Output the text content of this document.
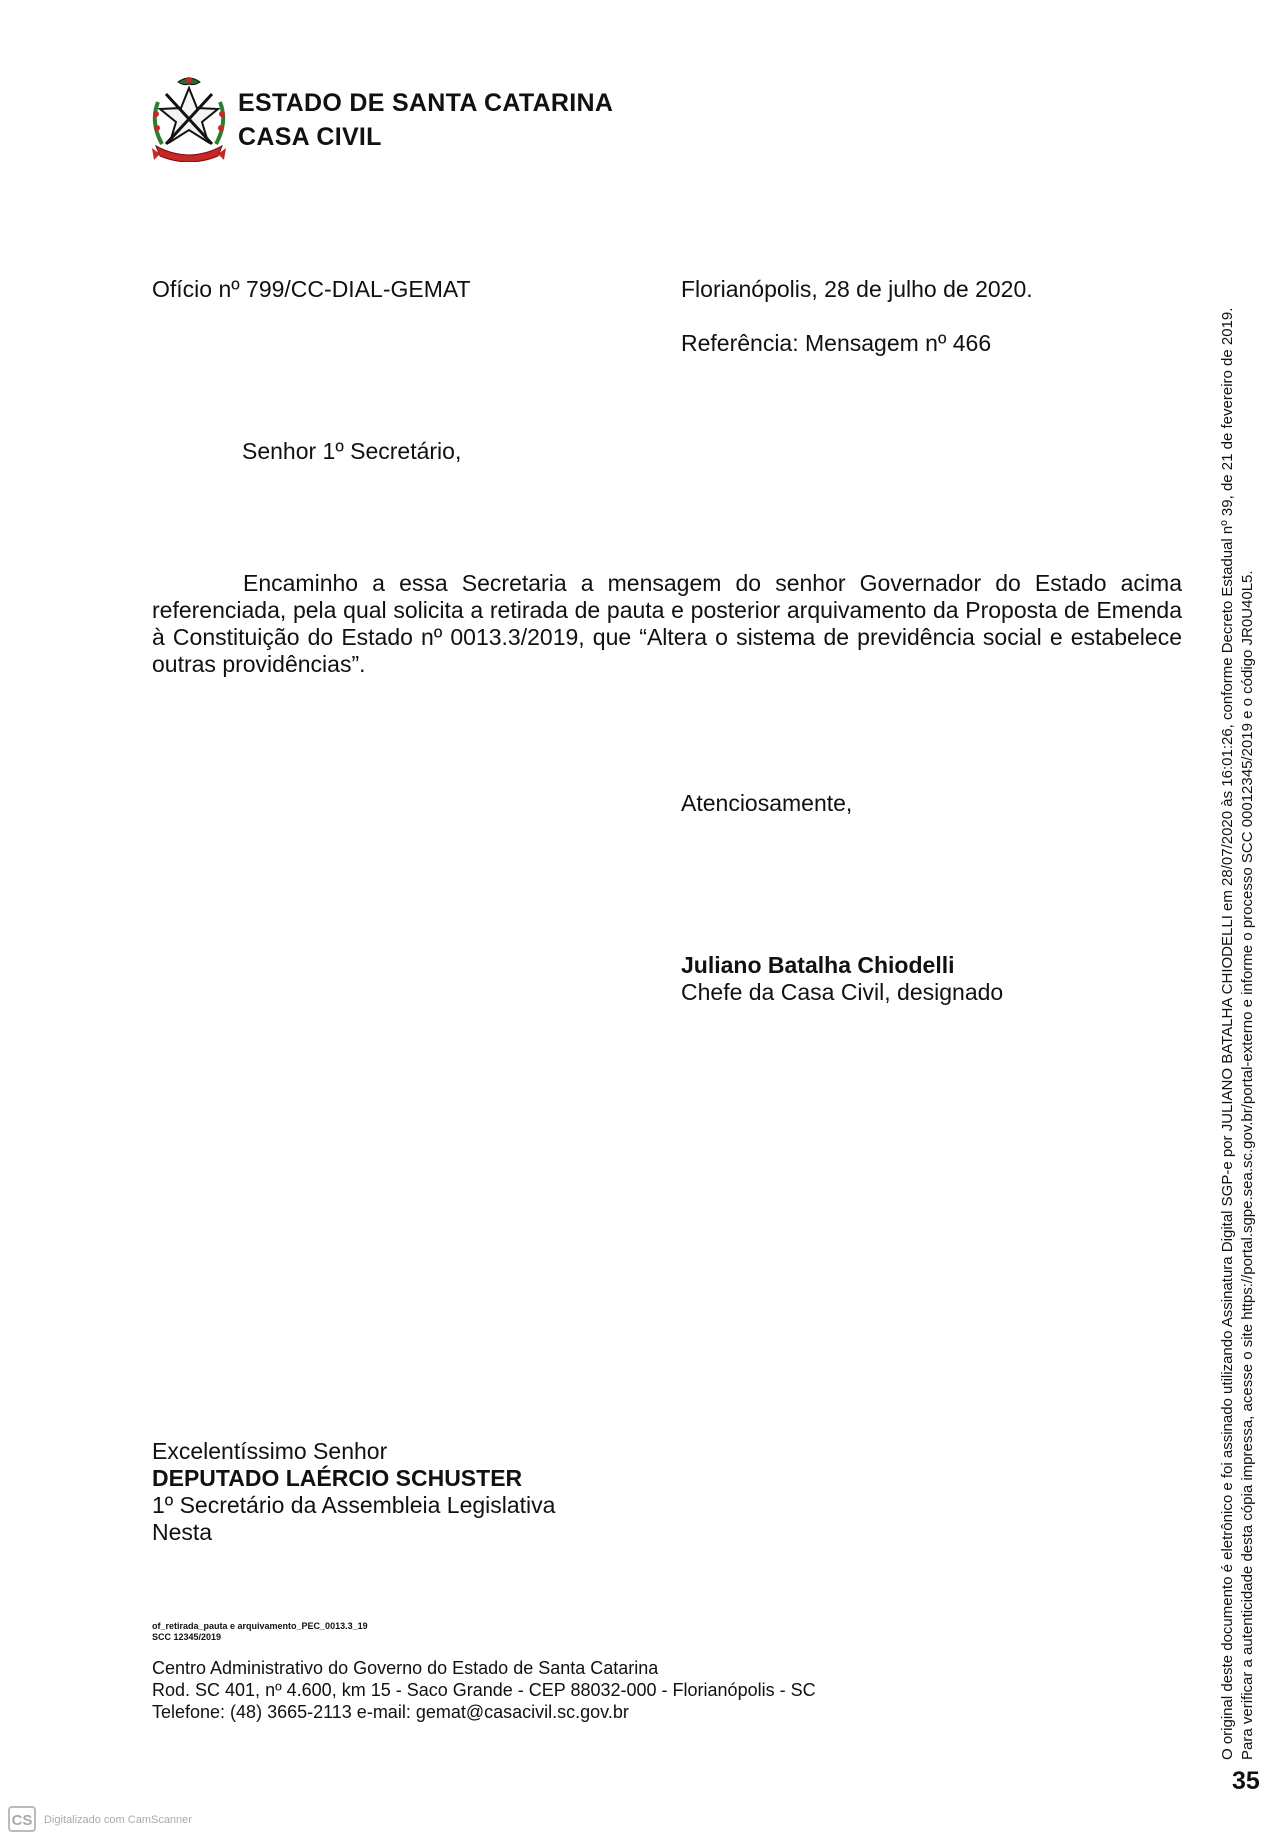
ESTADO DE SANTA CATARINA
CASA CIVIL
Ofício nº 799/CC-DIAL-GEMAT	Florianópolis, 28 de julho de 2020.
Referência: Mensagem nº 466
Senhor 1º Secretário,
Encaminho a essa Secretaria a mensagem do senhor Governador do Estado acima referenciada, pela qual solicita a retirada de pauta e posterior arquivamento da Proposta de Emenda à Constituição do Estado nº 0013.3/2019, que “Altera o sistema de previdência social e estabelece outras providências”.
Atenciosamente,
Juliano Batalha Chiodelli
Chefe da Casa Civil, designado
Excelentíssimo Senhor
DEPUTADO LAÉRCIO SCHUSTER
1º Secretário da Assembleia Legislativa
Nesta
of_retirada_pauta e arquivamento_PEC_0013.3_19
SCC 12345/2019
Centro Administrativo do Governo do Estado de Santa Catarina
Rod. SC 401, nº 4.600, km 15 - Saco Grande - CEP 88032-000 - Florianópolis - SC
Telefone: (48) 3665-2113 e-mail: gemat@casacivil.sc.gov.br	O original deste documento é eletrônico e foi assinado utilizando Assinatura Digital SGP-e por JULIANO BATALHA CHIODELLI em 28/07/2020 às 16:01:26, conforme Decreto Estadual nº 39, de 21 de fevereiro de 2019. Para verificar a autenticidade desta cópia impressa, acesse o site https://portal.sgpe.sea.sc.gov.br/portal-externo e informe o processo SCC 00012345/2019 e o código JR0U40L5.
35
CS	Digitalizado com CamScanner
